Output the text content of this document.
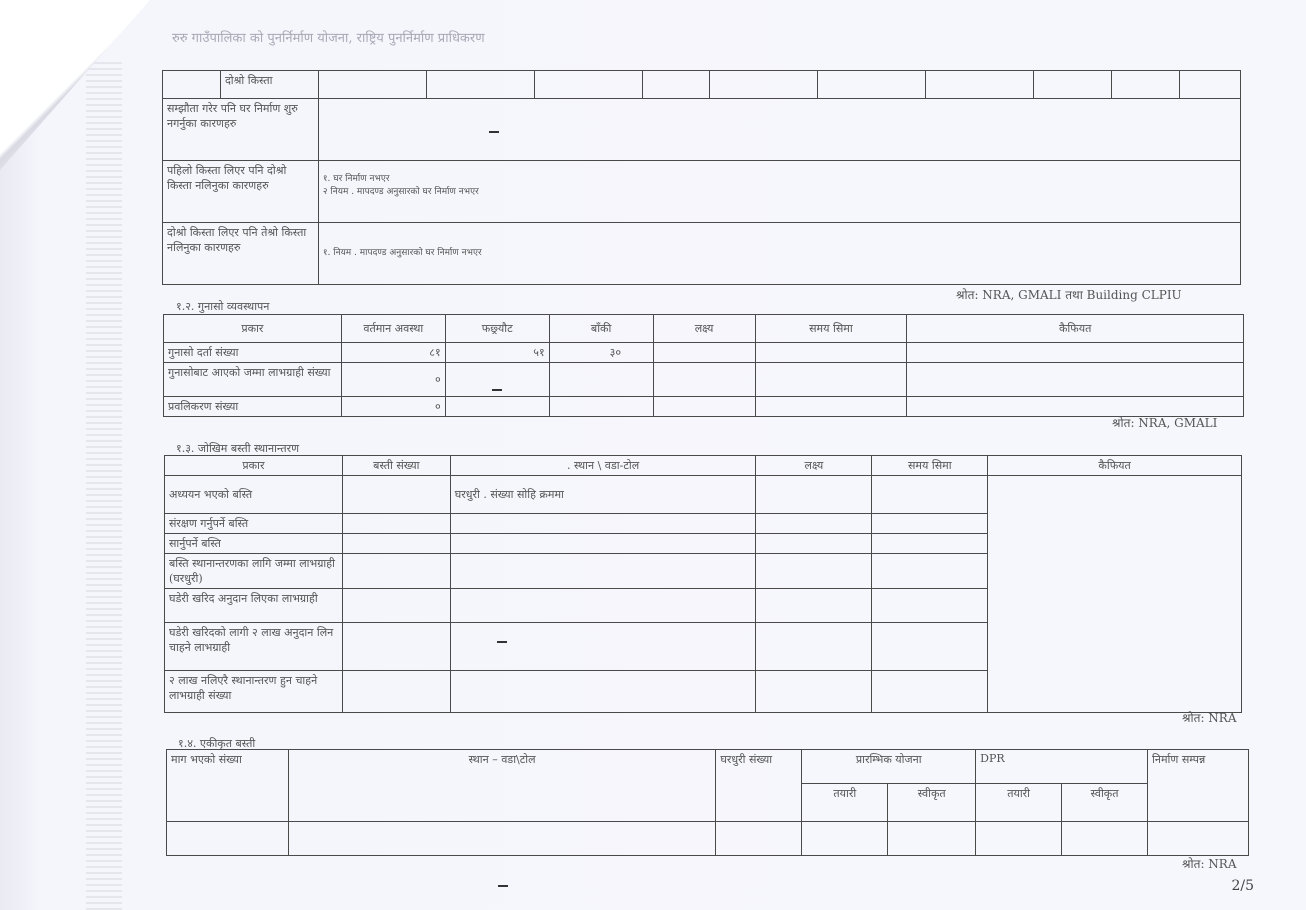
रुरु गाउँपालिका को पुनर्निर्माण योजना, राष्ट्रिय पुनर्निर्माण प्राधिकरण
	दोश्रो किस्ता										
सम्झौता गरेर पनि घर निर्माण शुरु नगर्नुका कारणहरु											
पहिलो किस्ता लिएर पनि दोश्रो किस्ता नलिनुका कारणहरु		१. घर निर्माण नभएर
२ नियम . मापदण्ड अनुसारको घर निर्माण नभएर									

दोश्रो किस्ता लिएर पनि तेश्रो किस्ता नलिनुका कारणहरु		१. नियम . मापदण्ड अनुसारको घर निर्माण नभएर									
श्रोत: NRA, GMALI तथा Building CLPIU
१.२. गुनासो व्यवस्थापन
प्रकार	वर्तमान अवस्था	फछ्र्यौट	बाँकी	लक्ष्य	समय सिमा	कैफियत
गुनासो दर्ता संख्या	८१	५१	३०			
गुनासोबाट आएको जम्मा लाभग्राही संख्या	०					
प्रवलिकरण संख्या	०					
श्रोत: NRA, GMALI
१.३. जोखिम बस्ती स्थानान्तरण
प्रकार	बस्ती संख्या	. स्थान \ वडा-टोल	लक्ष्य	समय सिमा	कैफियत
अध्ययन भएको बस्ति		घरधुरी . संख्या सोहि क्रममा			
संरक्षण गर्नुपर्ने बस्ति					
सार्नुपर्ने बस्ति					
बस्ति स्थानान्तरणका लागि जम्मा लाभग्राही (घरधुरी)					
घडेरी खरिद अनुदान लिएका लाभग्राही					
घडेरी खरिदको लागी २ लाख अनुदान लिन चाहने लाभग्राही					
२ लाख नलिएरै स्थानान्तरण हुन चाहने लाभग्राही संख्या					
श्रोत: NRA
१.४. एकीकृत बस्ती
माग भएको संख्या	स्थान – वडा\टोल	घरधुरी संख्या	प्रारम्भिक योजना		DPR		निर्माण सम्पन्न
			तयारी	स्वीकृत	तयारी	स्वीकृत	

श्रोत: NRA
2/5
